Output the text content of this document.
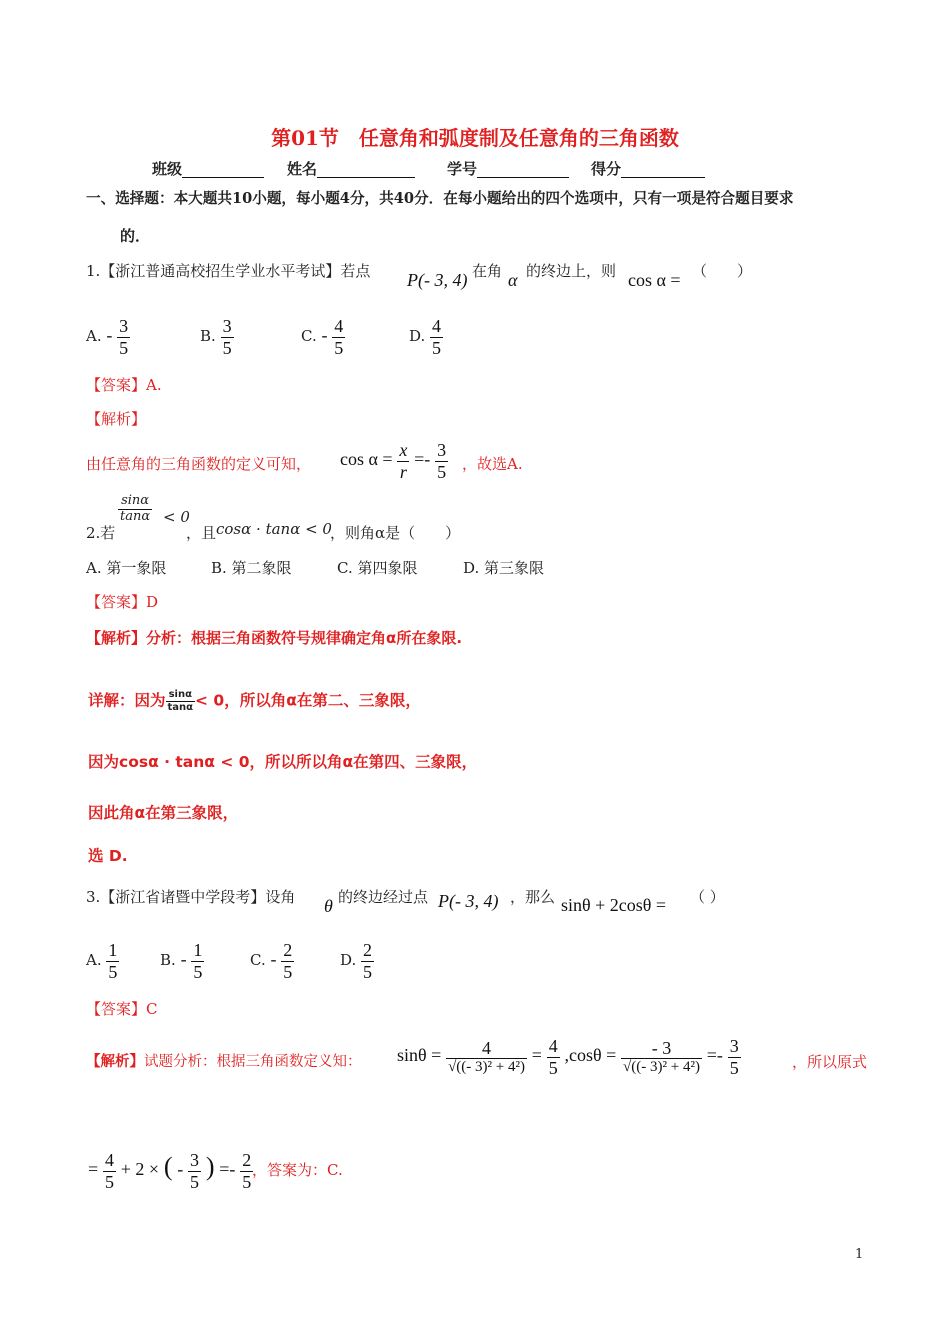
第01节　任意角和弧度制及任意角的三角函数
班级	姓名	学号	得分
一、选择题：本大题共10小题，每小题4分，共40分．在每小题给出的四个选项中，只有一项是符合题目要求
的．
1.【浙江普通高校招生学业水平考试】若点 P(- 3, 4) 在角 α 的终边上，则 cos α = （　　）
A. - $\frac{3}{5}$	B. $\frac{3}{5}$	C. - $\frac{4}{5}$	D. $\frac{4}{5}$
【答案】A.
【解析】
由任意角的三角函数的定义可知， $\cos \alpha = \frac{x}{r} =- \frac{3}{5}$ ，故选A.
$\frac{\sin\alpha}{\tan\alpha} < 0$
2.若	，且 cosα · tanα < 0
，则角α是（　　）
A. 第一象限	B. 第二象限	C. 第四象限	D. 第三象限
【答案】D
【解析】分析：根据三角函数符号规律确定角α所在象限.
详解：因为 $\frac{\sin\alpha}{\tan\alpha} < 0$，所以角α在第二、三象限，
因为cosα · tanα < 0，所以所以角α在第四、三象限，
因此角α在第三象限，
选 D.
3.【浙江省诸暨中学段考】设角 θ 的终边经过点 P(- 3, 4) ，那么 sinθ + 2cosθ = （ ）
A. $\frac{1}{5}$	B. - $\frac{1}{5}$	C. - $\frac{2}{5}$	D. $\frac{2}{5}$
【答案】C
【解析】试题分析：根据三角函数定义知： $\sin\theta = \frac{4}{\text{√((- 3)² + 4²)}} = \frac{4}{5} ,\cos\theta = \frac{- 3}{\text{√((- 3)² + 4²)}} =- \frac{3}{5}$	，所以原式
= $\frac{4}{5} + 2$ × ( - $\frac{3}{5}$ ) =- $\frac{2}{5}$
，答案为：C.
1
